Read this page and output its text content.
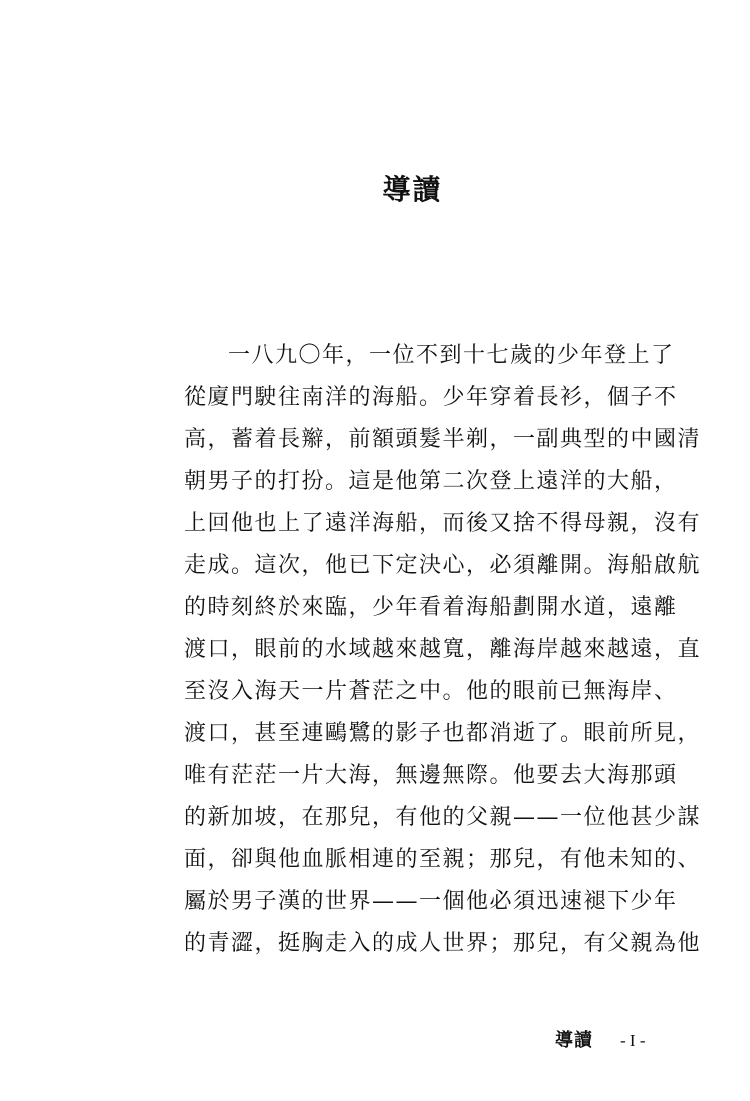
導讀
一八九〇年，一位不到十七歲的少年登上了
從廈門駛往南洋的海船。少年穿着長衫，個子不
高，蓄着長辮，前額頭髮半剃，一副典型的中國清
朝男子的打扮。這是他第二次登上遠洋的大船，
上回他也上了遠洋海船，而後又捨不得母親，沒有
走成。這次，他已下定決心，必須離開。海船啟航
的時刻終於來臨，少年看着海船劃開水道，遠離
渡口，眼前的水域越來越寬，離海岸越來越遠，直
至沒入海天一片蒼茫之中。他的眼前已無海岸、
渡口，甚至連鷗鷺的影子也都消逝了。眼前所見，
唯有茫茫一片大海，無邊無際。他要去大海那頭
的新加坡，在那兒，有他的父親——一位他甚少謀
面，卻與他血脈相連的至親；那兒，有他未知的、
屬於男子漢的世界——一個他必須迅速褪下少年
的青澀，挺胸走入的成人世界；那兒，有父親為他
導讀 - I -
